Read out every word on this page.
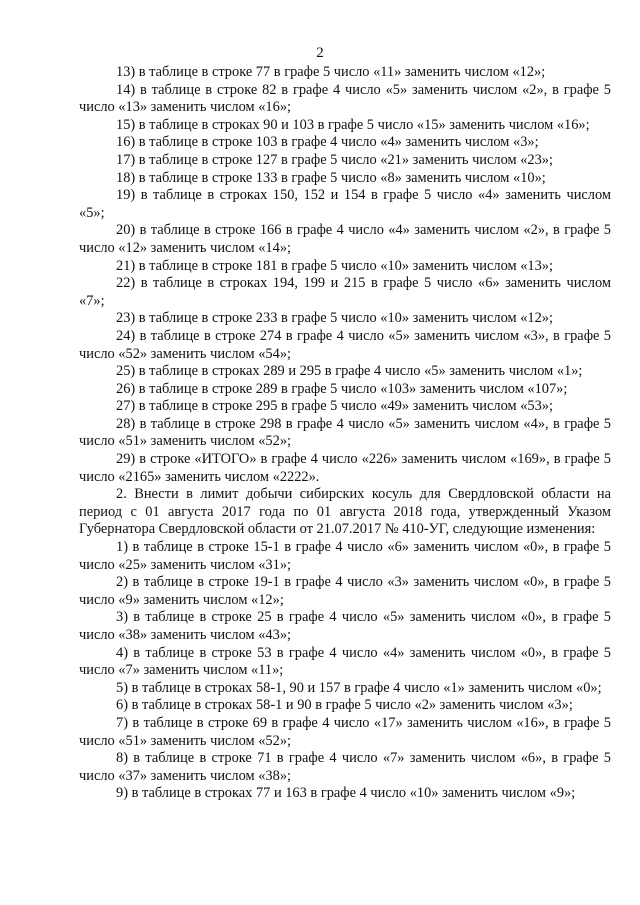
2

13) в таблице в строке 77 в графе 5 число «11» заменить числом «12»;

14) в таблице в строке 82 в графе 4 число «5» заменить числом «2», в графе 5 число «13» заменить числом «16»;

15) в таблице в строках 90 и 103 в графе 5 число «15» заменить числом «16»;

16) в таблице в строке 103 в графе 4 число «4» заменить числом «3»;

17) в таблице в строке 127 в графе 5 число «21» заменить числом «23»;

18) в таблице в строке 133 в графе 5 число «8» заменить числом «10»;

19) в таблице в строках 150, 152 и 154 в графе 5 число «4» заменить числом «5»;

20) в таблице в строке 166 в графе 4 число «4» заменить числом «2», в графе 5 число «12» заменить числом «14»;

21) в таблице в строке 181 в графе 5 число «10» заменить числом «13»;

22) в таблице в строках 194, 199 и 215 в графе 5 число «6» заменить числом «7»;

23) в таблице в строке 233 в графе 5 число «10» заменить числом «12»;

24) в таблице в строке 274 в графе 4 число «5» заменить числом «3», в графе 5 число «52» заменить числом «54»;

25) в таблице в строках 289 и 295 в графе 4 число «5» заменить числом «1»;

26) в таблице в строке 289 в графе 5 число «103» заменить числом «107»;

27) в таблице в строке 295 в графе 5 число «49» заменить числом «53»;

28) в таблице в строке 298 в графе 4 число «5» заменить числом «4», в графе 5 число «51» заменить числом «52»;

29) в строке «ИТОГО» в графе 4 число «226» заменить числом «169», в графе 5 число «2165» заменить числом «2222».

2. Внести в лимит добычи сибирских косуль для Свердловской области на период с 01 августа 2017 года по 01 августа 2018 года, утвержденный Указом Губернатора Свердловской области от 21.07.2017 № 410-УГ, следующие изменения:

1) в таблице в строке 15-1 в графе 4 число «6» заменить числом «0», в графе 5 число «25» заменить числом «31»;

2) в таблице в строке 19-1 в графе 4 число «3» заменить числом «0», в графе 5 число «9» заменить числом «12»;

3) в таблице в строке 25 в графе 4 число «5» заменить числом «0», в графе 5 число «38» заменить числом «43»;

4) в таблице в строке 53 в графе 4 число «4» заменить числом «0», в графе 5 число «7» заменить числом «11»;

5) в таблице в строках 58-1, 90 и 157 в графе 4 число «1» заменить числом «0»;

6) в таблице в строках 58-1 и 90 в графе 5 число «2» заменить числом «3»;

7) в таблице в строке 69 в графе 4 число «17» заменить числом «16», в графе 5 число «51» заменить числом «52»;

8) в таблице в строке 71 в графе 4 число «7» заменить числом «6», в графе 5 число «37» заменить числом «38»;

9) в таблице в строках 77 и 163 в графе 4 число «10» заменить числом «9»;
